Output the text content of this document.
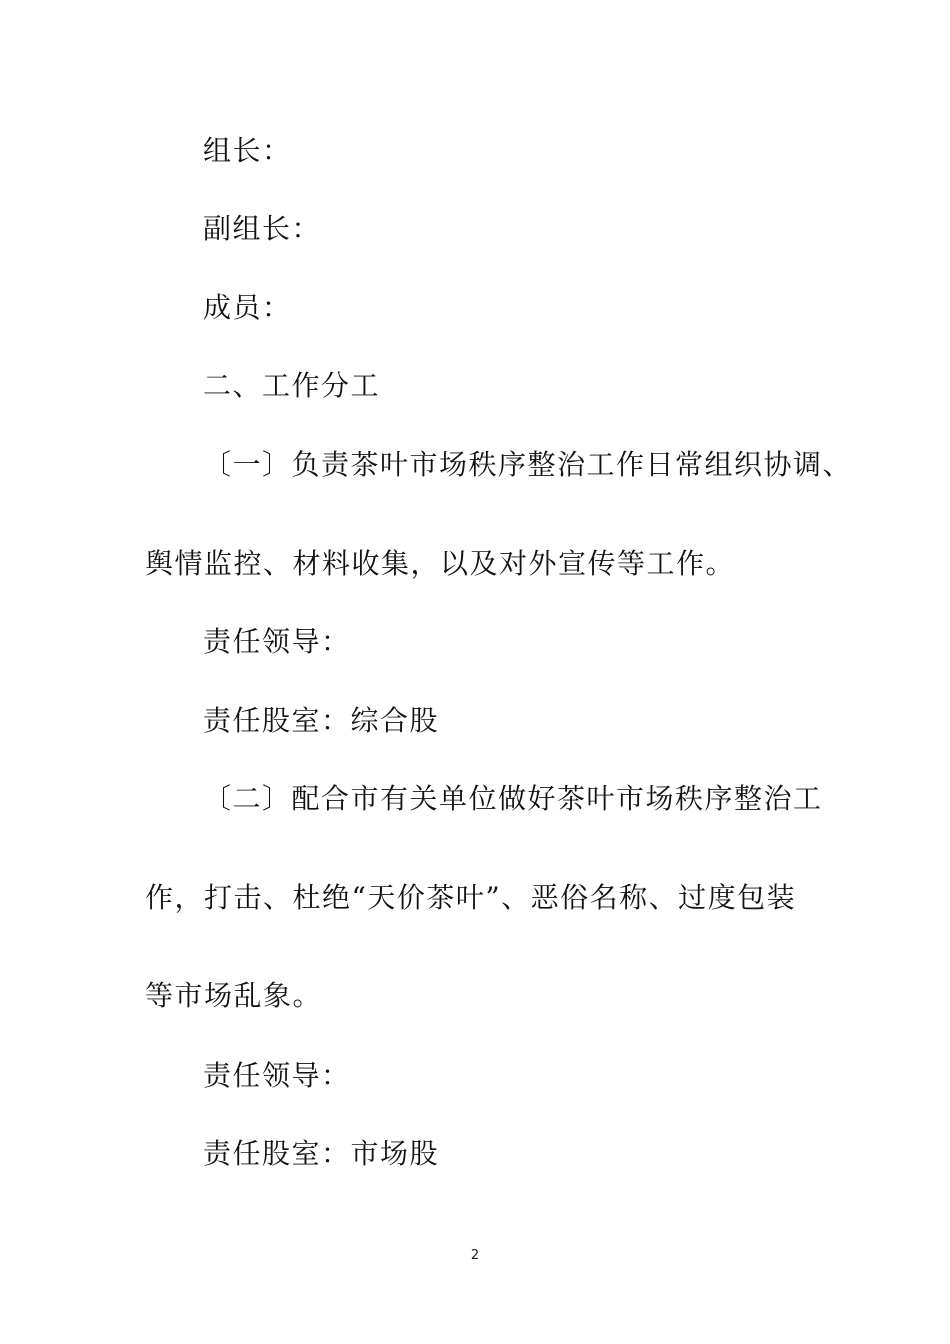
组长：
副组长：
成员：
二、工作分工
〔一〕负责茶叶市场秩序整治工作日常组织协调、
舆情监控、材料收集，以及对外宣传等工作。
责任领导：
责任股室：综合股
〔二〕配合市有关单位做好茶叶市场秩序整治工
作，打击、杜绝“天价茶叶”、恶俗名称、过度包装
等市场乱象。
责任领导：
责任股室：市场股
2
